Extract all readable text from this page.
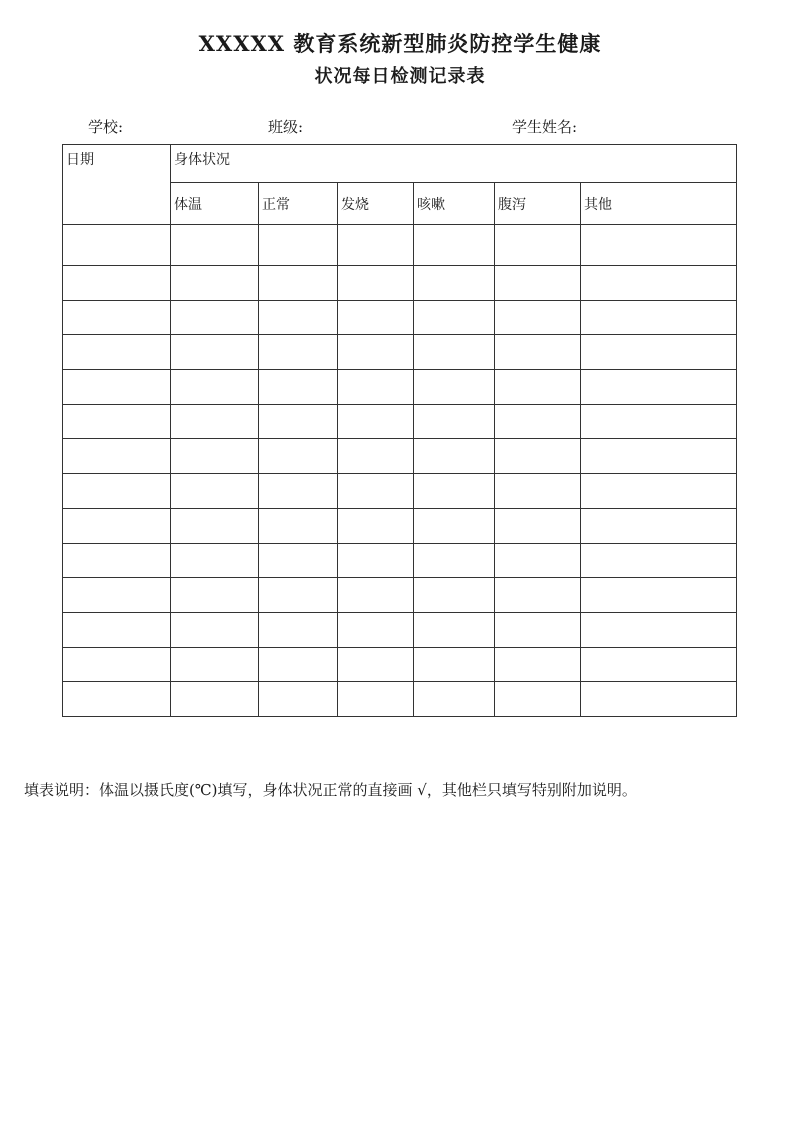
XXXXX 教育系统新型肺炎防控学生健康
状况每日检测记录表
学校:	班级:	学生姓名:
日期	身体状况					
	体温	正常	发烧	咳嗽	腹泻	其他

填表说明：体温以摄氏度(℃)填写，身体状况正常的直接画 √，其他栏只填写特别附加说明。
